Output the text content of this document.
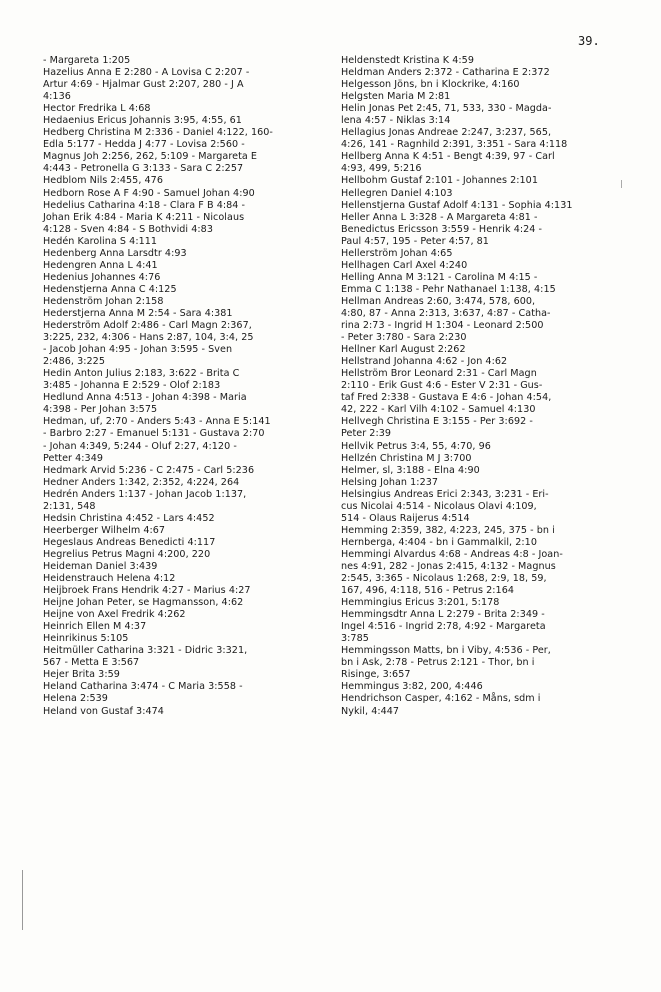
39.
- Margareta 1:205
Hazelius Anna E 2:280 - A Lovisa C 2:207 -
Artur 4:69 - Hjalmar Gust 2:207, 280 - J A
4:136
Hector Fredrika L 4:68
Hedaenius Ericus Johannis 3:95, 4:55, 61
Hedberg Christina M 2:336 - Daniel 4:122, 160-
Edla 5:177 - Hedda J 4:77 - Lovisa 2:560 -
Magnus Joh 2:256, 262, 5:109 - Margareta E
4:443 - Petronella G 3:133 - Sara C 2:257
Hedblom Nils 2:455, 476
Hedborn Rose A F 4:90 - Samuel Johan 4:90
Hedelius Catharina 4:18 - Clara F B 4:84 -
Johan Erik 4:84 - Maria K 4:211 - Nicolaus
4:128 - Sven 4:84 - S Bothvidi 4:83
Hedén Karolina S 4:111
Hedenberg Anna Larsdtr 4:93
Hedengren Anna L 4:41
Hedenius Johannes 4:76
Hedenstjerna Anna C 4:125
Hedenström Johan 2:158
Hederstjerna Anna M 2:54 - Sara 4:381
Hederström Adolf 2:486 - Carl Magn 2:367,
3:225, 232, 4:306 - Hans 2:87, 104, 3:4, 25
- Jacob Johan 4:95 - Johan 3:595 - Sven
2:486, 3:225
Hedin Anton Julius 2:183, 3:622 - Brita C
3:485 - Johanna E 2:529 - Olof 2:183
Hedlund Anna 4:513 - Johan 4:398 - Maria
4:398 - Per Johan 3:575
Hedman, uf, 2:70 - Anders 5:43 - Anna E 5:141
- Barbro 2:27 - Emanuel 5:131 - Gustava 2:70
- Johan 4:349, 5:244 - Oluf 2:27, 4:120 -
Petter 4:349
Hedmark Arvid 5:236 - C 2:475 - Carl 5:236
Hedner Anders 1:342, 2:352, 4:224, 264
Hedrén Anders 1:137 - Johan Jacob 1:137,
2:131, 548
Hedsin Christina 4:452 - Lars 4:452
Heerberger Wilhelm 4:67
Hegeslaus Andreas Benedicti 4:117
Hegrelius Petrus Magni 4:200, 220
Heideman Daniel 3:439
Heidenstrauch Helena 4:12
Heijbroek Frans Hendrik 4:27 - Marius 4:27
Heijne Johan Peter, se Hagmansson, 4:62
Heijne von Axel Fredrik 4:262
Heinrich Ellen M 4:37
Heinrikinus 5:105
Heitmüller Catharina 3:321 - Didric 3:321,
567 - Metta E 3:567
Hejer Brita 3:59
Heland Catharina 3:474 - C Maria 3:558 -
Helena 2:539
Heland von Gustaf 3:474
Heldenstedt Kristina K 4:59
Heldman Anders 2:372 - Catharina E 2:372
Helgesson Jöns, bn i Klockrike, 4:160
Helgsten Maria M 2:81
Helin Jonas Pet 2:45, 71, 533, 330 - Magda-
lena 4:57 - Niklas 3:14
Hellagius Jonas Andreae 2:247, 3:237, 565,
4:26, 141 - Ragnhild 2:391, 3:351 - Sara 4:118
Hellberg Anna K 4:51 - Bengt 4:39, 97 - Carl
4:93, 499, 5:216
Hellbohm Gustaf 2:101 - Johannes 2:101
Hellegren Daniel 4:103
Hellenstjerna Gustaf Adolf 4:131 - Sophia 4:131
Heller Anna L 3:328 - A Margareta 4:81 -
Benedictus Ericsson 3:559 - Henrik 4:24 -
Paul 4:57, 195 - Peter 4:57, 81
Hellerström Johan 4:65
Hellhagen Carl Axel 4:240
Helling Anna M 3:121 - Carolina M 4:15 -
Emma C 1:138 - Pehr Nathanael 1:138, 4:15
Hellman Andreas 2:60, 3:474, 578, 600,
4:80, 87 - Anna 2:313, 3:637, 4:87 - Catha-
rina 2:73 - Ingrid H 1:304 - Leonard 2:500
- Peter 3:780 - Sara 2:230
Hellner Karl August 2:262
Hellstrand Johanna 4:62 - Jon 4:62
Hellström Bror Leonard 2:31 - Carl Magn
2:110 - Erik Gust 4:6 - Ester V 2:31 - Gus-
taf Fred 2:338 - Gustava E 4:6 - Johan 4:54,
42, 222 - Karl Vilh 4:102 - Samuel 4:130
Hellvegh Christina E 3:155 - Per 3:692 -
Peter 2:39
Hellvik Petrus 3:4, 55, 4:70, 96
Hellzén Christina M J 3:700
Helmer, sl, 3:188 - Elna 4:90
Helsing Johan 1:237
Helsingius Andreas Erici 2:343, 3:231 - Eri-
cus Nicolai 4:514 - Nicolaus Olavi 4:109,
514 - Olaus Raijerus 4:514
Hemming 2:359, 382, 4:223, 245, 375 - bn i
Hernberga, 4:404 - bn i Gammalkil, 2:10
Hemmingi Alvardus 4:68 - Andreas 4:8 - Joan-
nes 4:91, 282 - Jonas 2:415, 4:132 - Magnus
2:545, 3:365 - Nicolaus 1:268, 2:9, 18, 59,
167, 496, 4:118, 516 - Petrus 2:164
Hemmingius Ericus 3:201, 5:178
Hemmingsdtr Anna L 2:279 - Brita 2:349 -
Ingel 4:516 - Ingrid 2:78, 4:92 - Margareta
3:785
Hemmingsson Matts, bn i Viby, 4:536 - Per,
bn i Ask, 2:78 - Petrus 2:121 - Thor, bn i
Risinge, 3:657
Hemmingus 3:82, 200, 4:446
Hendrichson Casper, 4:162 - Måns, sdm i
Nykil, 4:447
